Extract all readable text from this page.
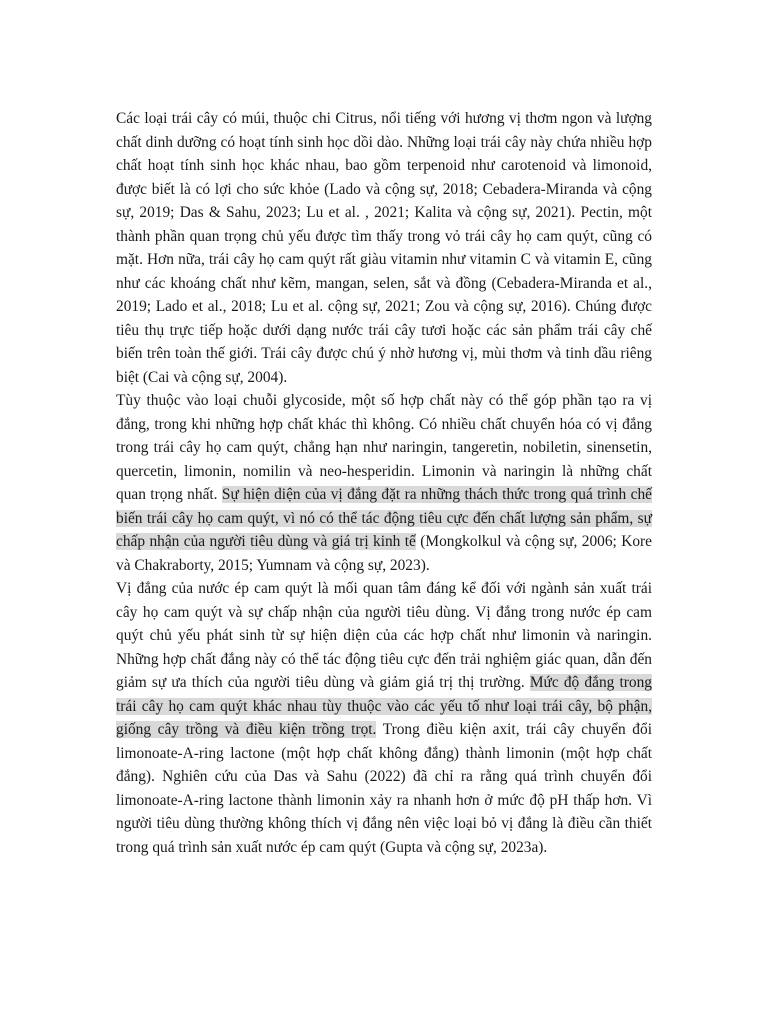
Các loại trái cây có múi, thuộc chi Citrus, nổi tiếng với hương vị thơm ngon và lượng chất dinh dưỡng có hoạt tính sinh học dồi dào. Những loại trái cây này chứa nhiều hợp chất hoạt tính sinh học khác nhau, bao gồm terpenoid như carotenoid và limonoid, được biết là có lợi cho sức khỏe (Lado và cộng sự, 2018; Cebadera-Miranda và cộng sự, 2019; Das & Sahu, 2023; Lu et al. , 2021; Kalita và cộng sự, 2021). Pectin, một thành phần quan trọng chủ yếu được tìm thấy trong vỏ trái cây họ cam quýt, cũng có mặt. Hơn nữa, trái cây họ cam quýt rất giàu vitamin như vitamin C và vitamin E, cũng như các khoáng chất như kẽm, mangan, selen, sắt và đồng (Cebadera-Miranda et al., 2019; Lado et al., 2018; Lu et al. cộng sự, 2021; Zou và cộng sự, 2016). Chúng được tiêu thụ trực tiếp hoặc dưới dạng nước trái cây tươi hoặc các sản phẩm trái cây chế biến trên toàn thế giới. Trái cây được chú ý nhờ hương vị, mùi thơm và tinh dầu riêng biệt (Cai và cộng sự, 2004).

Tùy thuộc vào loại chuỗi glycoside, một số hợp chất này có thể góp phần tạo ra vị đắng, trong khi những hợp chất khác thì không. Có nhiều chất chuyển hóa có vị đắng trong trái cây họ cam quýt, chẳng hạn như naringin, tangeretin, nobiletin, sinensetin, quercetin, limonin, nomilin và neo-hesperidin. Limonin và naringin là những chất quan trọng nhất. Sự hiện diện của vị đắng đặt ra những thách thức trong quá trình chế biến trái cây họ cam quýt, vì nó có thể tác động tiêu cực đến chất lượng sản phẩm, sự chấp nhận của người tiêu dùng và giá trị kinh tế (Mongkolkul và cộng sự, 2006; Kore và Chakraborty, 2015; Yumnam và cộng sự, 2023).

Vị đắng của nước ép cam quýt là mối quan tâm đáng kể đối với ngành sản xuất trái cây họ cam quýt và sự chấp nhận của người tiêu dùng. Vị đắng trong nước ép cam quýt chủ yếu phát sinh từ sự hiện diện của các hợp chất như limonin và naringin. Những hợp chất đắng này có thể tác động tiêu cực đến trải nghiệm giác quan, dẫn đến giảm sự ưa thích của người tiêu dùng và giảm giá trị thị trường. Mức độ đắng trong trái cây họ cam quýt khác nhau tùy thuộc vào các yếu tố như loại trái cây, bộ phận, giống cây trồng và điều kiện trồng trọt. Trong điều kiện axit, trái cây chuyển đổi limonoate-A-ring lactone (một hợp chất không đắng) thành limonin (một hợp chất đắng). Nghiên cứu của Das và Sahu (2022) đã chỉ ra rằng quá trình chuyển đổi limonoate-A-ring lactone thành limonin xảy ra nhanh hơn ở mức độ pH thấp hơn. Vì người tiêu dùng thường không thích vị đắng nên việc loại bỏ vị đắng là điều cần thiết trong quá trình sản xuất nước ép cam quýt (Gupta và cộng sự, 2023a).
